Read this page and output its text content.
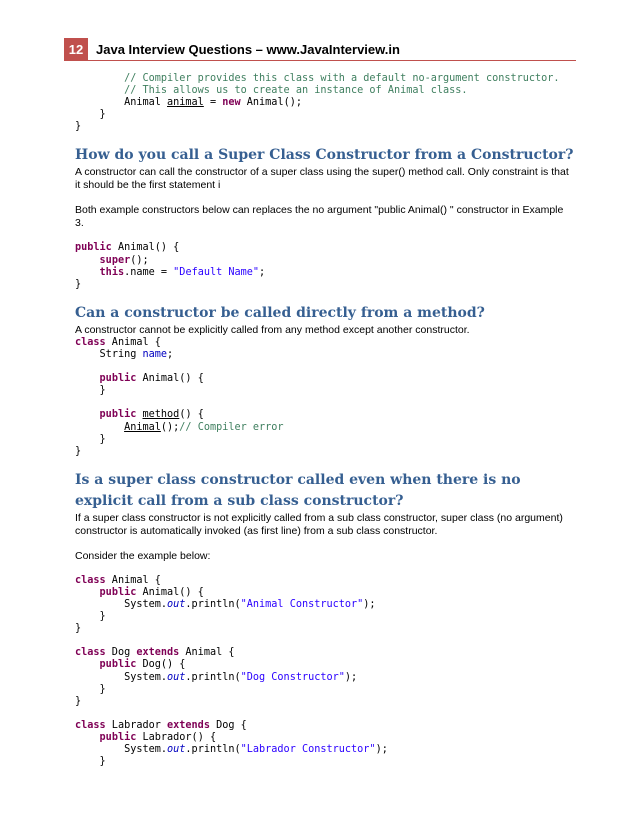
12 Java Interview Questions – www.JavaInterview.in
// Compiler provides this class with a default no-argument constructor.
// This allows us to create an instance of Animal class.
Animal animal = new Animal();
}
}
How do you call a Super Class Constructor from a Constructor?

A constructor can call the constructor of a super class using the super() method call. Only constraint is that it should be the first statement i

Both example constructors below can replaces the no argument "public Animal() " constructor in Example 3.

public Animal() {
super();
this.name = "Default Name";
}
Can a constructor be called directly from a method?

A constructor cannot be explicitly called from any method except another constructor.

class Animal {
String name;

public Animal() {
}

public method() {
Animal();// Compiler error
}
}
Is a super class constructor called even when there is no explicit call from a sub class constructor?

If a super class constructor is not explicitly called from a sub class constructor, super class (no argument) constructor is automatically invoked (as first line) from a sub class constructor.

Consider the example below:

class Animal {
public Animal() {
System.out.println("Animal Constructor");
}
}

class Dog extends Animal {
public Dog() {
System.out.println("Dog Constructor");
}
}

class Labrador extends Dog {
public Labrador() {
System.out.println("Labrador Constructor");
}
